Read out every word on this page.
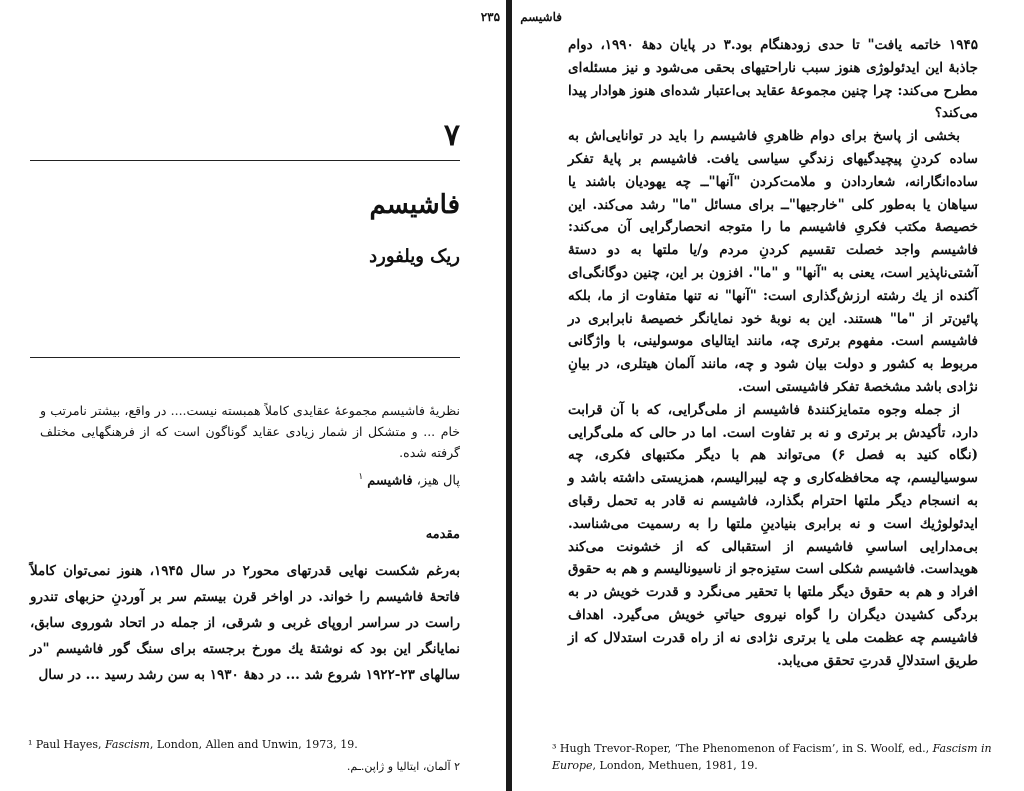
۷
فاشیسم
ریک ویلفورد
نظریهٔ فاشیسم مجموعهٔ عقایدی کاملاً همبسته نیست.... در واقع، بیشتر نامرتب و خام ... و متشکل از شمار زیادی عقاید گوناگون است که از فرهنگهایی مختلف گرفته شده.
پال هیز، فاشیسم $^۱$
مقدمه
به‌رغم شکست نهایی قدرتهای محور۲ در سال ۱۹۴۵، هنوز نمی‌توان کاملاً فاتحهٔ فاشیسم را خواند. در اواخر قرن بیستم سر بر آوردنِ حزبهای تندرو راست در سراسر اروپای غربی و شرقی، از جمله در اتحاد شوروی سابق، نمایانگر این بود که نوشتهٔ یك مورخ برجسته برای سنگ گور فاشیسم "در سالهای ۲۳-۱۹۲۲ شروع شد ... در دههٔ ۱۹۳۰ به سن رشد رسید ... در سال
¹ Paul Hayes, Fascism, London, Allen and Unwin, 1973, 19.
۲ آلمان، ایتالیا و ژاپن.ـم.
فاشیسم ۲۳۵

۱۹۴۵ خاتمه یافت" تا حدی زودهنگام بود.۳ در پایان دههٔ ۱۹۹۰، دوام جاذبهٔ این ایدئولوژی هنوز سبب ناراحتیهای بحقی می‌شود و نیز مسئله‌ای مطرح می‌کند: چرا چنین مجموعهٔ عقاید بی‌اعتبار شده‌ای هنوز هوادار پیدا می‌کند؟

بخشی از پاسخ برای دوام ظاهریِ فاشیسم را باید در توانایی‌اش به ساده کردنِ پیچیدگیهای زندگیِ سیاسی یافت. فاشیسم بر پایهٔ تفکر ساده‌انگارانه، شعاردادن و ملامت‌کردن "آنها"ــ چه یهودیان باشند یا سیاهان یا به‌طور کلی "خارجیها"ــ برای مسائل "ما" رشد می‌کند. این خصیصهٔ مکتب فکریِ فاشیسم ما را متوجه انحصارگرایی آن می‌کند: فاشیسم واجد خصلت تقسیم کردنِ مردم و/یا ملتها به دو دستهٔ آشتی‌ناپذیر است، یعنی به "آنها" و "ما". افزون بر این، چنین دوگانگی‌ای آکنده از یك رشته ارزش‌گذاری است: "آنها" نه تنها متفاوت از ما، بلکه پائین‌تر از "ما" هستند. این به نوبهٔ خود نمایانگر خصیصهٔ نابرابری در فاشیسم است. مفهوم برتری چه، مانند ایتالیای موسولینی، با واژگانی مربوط به کشور و دولت بیان شود و چه، مانند آلمان هیتلری، در بیانِ نژادی باشد مشخصهٔ تفکر فاشیستی است.

از جمله وجوه متمایزکنندهٔ فاشیسم از ملی‌گرایی، که با آن قرابت دارد، تأکیدش بر برتری و نه بر تفاوت است. اما در حالی که ملی‌گرایی (نگاه کنید به فصل ۶) می‌تواند هم با دیگر مکتبهای فکری، چه سوسیالیسم، چه محافظه‌کاری و چه لیبرالیسم، همزیستی داشته باشد و به انسجام دیگر ملتها احترام بگذارد، فاشیسم نه قادر به تحمل رقبای ایدئولوژیك است و نه برابری بنیادینِ ملتها را به رسمیت می‌شناسد. بی‌مدارایی اساسیِ فاشیسم از استقبالی که از خشونت می‌کند هویداست. فاشیسم شکلی است ستیزه‌جو از ناسیونالیسم و هم به حقوق افراد و هم به حقوق دیگر ملتها با تحقیر می‌نگرد و قدرت خویش در به بردگی کشیدن دیگران را گواه نیروی حیاتیِ خویش می‌گیرد. اهداف فاشیسم چه عظمت ملی یا برتری نژادی نه از راه قدرت استدلال که از طریق استدلالِ قدرتِ تحقق می‌یابد.

³ Hugh Trevor-Roper, ‘The Phenomenon of Facism’, in S. Woolf, ed., Fascism in Europe, London, Methuen, 1981, 19.
